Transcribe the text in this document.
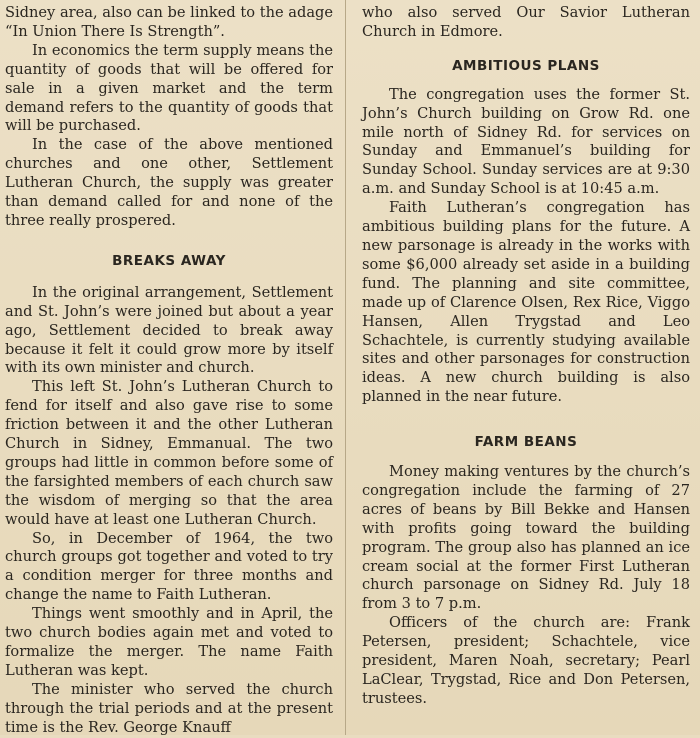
Sidney area, also can be linked to the adage “In Union There Is Strength”.

In economics the term supply means the quantity of goods that will be offered for sale in a given market and the term demand refers to the quantity of goods that will be purchased.

In the case of the above mentioned churches and one other, Settlement Lutheran Church, the supply was greater than demand called for and none of the three really prospered.

BREAKS AWAY

In the original arrangement, Settlement and St. John’s were joined but about a year ago, Settlement decided to break away because it felt it could grow more by itself with its own minister and church.

This left St. John’s Lutheran Church to fend for itself and also gave rise to some friction between it and the other Lutheran Church in Sidney, Emmanual. The two groups had little in common before some of the farsighted members of each church saw the wisdom of merging so that the area would have at least one Lutheran Church.

So, in December of 1964, the two church groups got together and voted to try a condition merger for three months and change the name to Faith Lutheran.

Things went smoothly and in April, the two church bodies again met and voted to formalize the merger. The name Faith Lutheran was kept.

The minister who served the church through the trial periods and at the present time is the Rev. George Knauff

who also served Our Savior Lutheran Church in Edmore.

AMBITIOUS PLANS

The congregation uses the former St. John’s Church building on Grow Rd. one mile north of Sidney Rd. for services on Sunday and Emmanuel’s building for Sunday School. Sunday services are at 9:30 a.m. and Sunday School is at 10:45 a.m.

Faith Lutheran’s congregation has ambitious building plans for the future. A new parsonage is already in the works with some $6,000 already set aside in a building fund. The planning and site committee, made up of Clarence Olsen, Rex Rice, Viggo Hansen, Allen Trygstad and Leo Schachtele, is currently studying available sites and other parsonages for construction ideas. A new church building is also planned in the near future.

FARM BEANS

Money making ventures by the church’s congregation include the farming of 27 acres of beans by Bill Bekke and Hansen with profits going toward the building program. The group also has planned an ice cream social at the former First Lutheran church parsonage on Sidney Rd. July 18 from 3 to 7 p.m.

Officers of the church are: Frank Petersen, president; Schachtele, vice president, Maren Noah, secretary; Pearl LaClear, Trygstad, Rice and Don Petersen, trustees.
